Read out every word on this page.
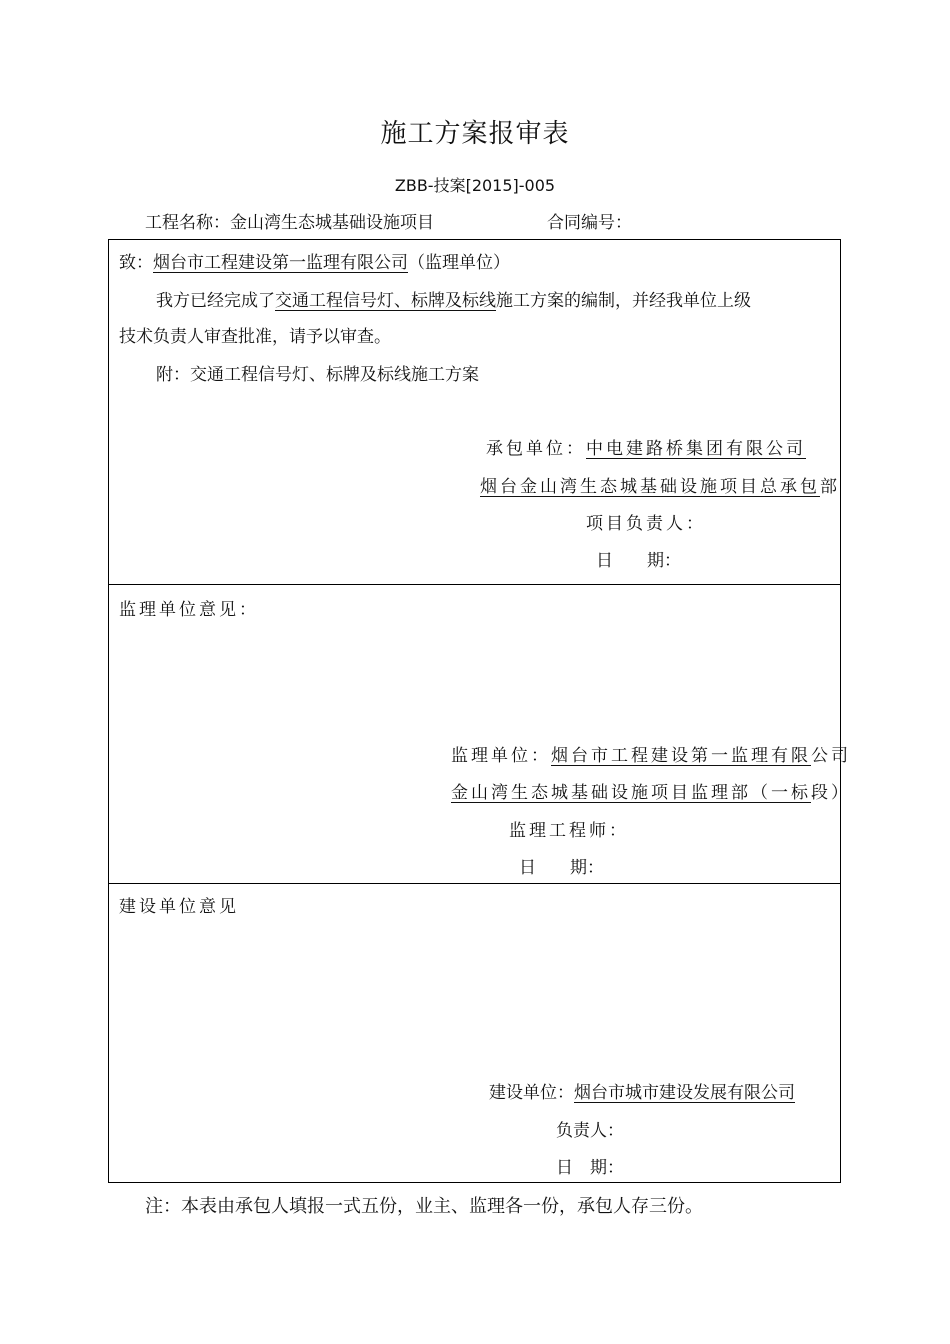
施工方案报审表
ZBB-技案[2015]-005
工程名称：金山湾生态城基础设施项目	合同编号：
致：烟台市工程建设第一监理有限公司（监理单位）
我方已经完成了交通工程信号灯、标牌及标线施工方案的编制，并经我单位上级
技术负责人审查批准，请予以审查。
附：交通工程信号灯、标牌及标线施工方案
承包单位：中电建路桥集团有限公司
烟台金山湾生态城基础设施项目总承包部
项目负责人：
日　　期：
监理单位意见：
监理单位：烟台市工程建设第一监理有限公司
金山湾生态城基础设施项目监理部（一标段）
监理工程师：
日　　期：
建设单位意见
建设单位：烟台市城市建设发展有限公司
负责人：
日　期：
注：本表由承包人填报一式五份，业主、监理各一份，承包人存三份。
